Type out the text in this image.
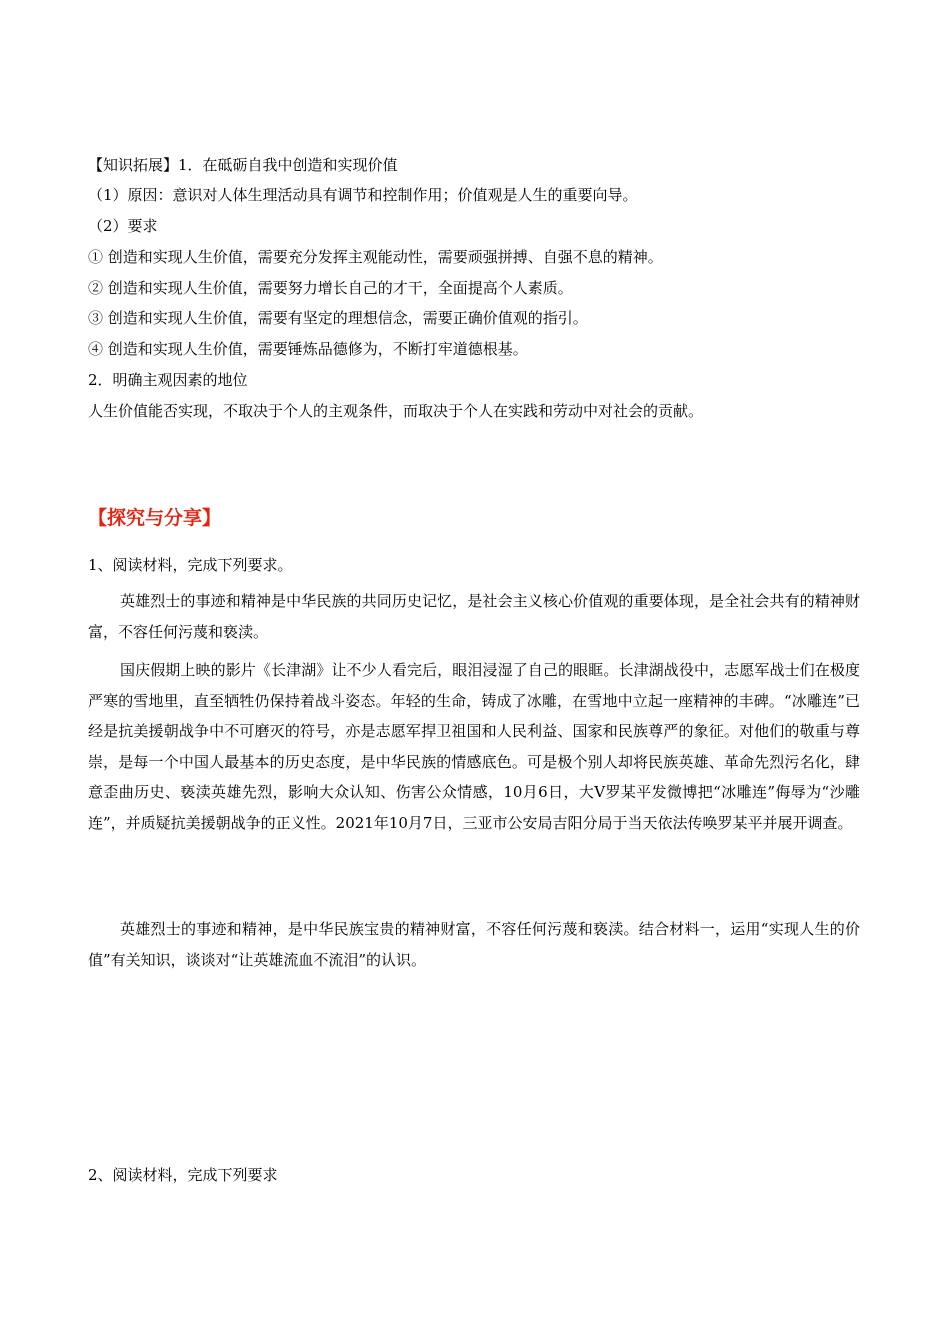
【知识拓展】1．在砥砺自我中创造和实现价值
（1）原因：意识对人体生理活动具有调节和控制作用；价值观是人生的重要向导。
（2）要求
① 创造和实现人生价值，需要充分发挥主观能动性，需要顽强拼搏、自强不息的精神。
② 创造和实现人生价值，需要努力增长自己的才干，全面提高个人素质。
③ 创造和实现人生价值，需要有坚定的理想信念，需要正确价值观的指引。
④ 创造和实现人生价值，需要锤炼品德修为，不断打牢道德根基。
2．明确主观因素的地位
人生价值能否实现，不取决于个人的主观条件，而取决于个人在实践和劳动中对社会的贡献。
【探究与分享】
1、阅读材料，完成下列要求。
英雄烈士的事迹和精神是中华民族的共同历史记忆，是社会主义核心价值观的重要体现，是全社会共有的精神财富，不容任何污蔑和亵渎。
国庆假期上映的影片《长津湖》让不少人看完后，眼泪浸湿了自己的眼眶。长津湖战役中，志愿军战士们在极度严寒的雪地里，直至牺牲仍保持着战斗姿态。年轻的生命，铸成了冰雕，在雪地中立起一座精神的丰碑。“冰雕连”已经是抗美援朝战争中不可磨灭的符号，亦是志愿军捍卫祖国和人民利益、国家和民族尊严的象征。对他们的敬重与尊崇，是每一个中国人最基本的历史态度，是中华民族的情感底色。可是极个别人却将民族英雄、革命先烈污名化，肆意歪曲历史、亵渎英雄先烈，影响大众认知、伤害公众情感，10月6日，大Ⅴ罗某平发微博把“冰雕连”侮辱为“沙雕连”，并质疑抗美援朝战争的正义性。2021年10月7日，三亚市公安局吉阳分局于当天依法传唤罗某平并展开调查。
英雄烈士的事迹和精神，是中华民族宝贵的精神财富，不容任何污蔑和亵渎。结合材料一，运用“实现人生的价值”有关知识，谈谈对“让英雄流血不流泪”的认识。
2、阅读材料，完成下列要求
